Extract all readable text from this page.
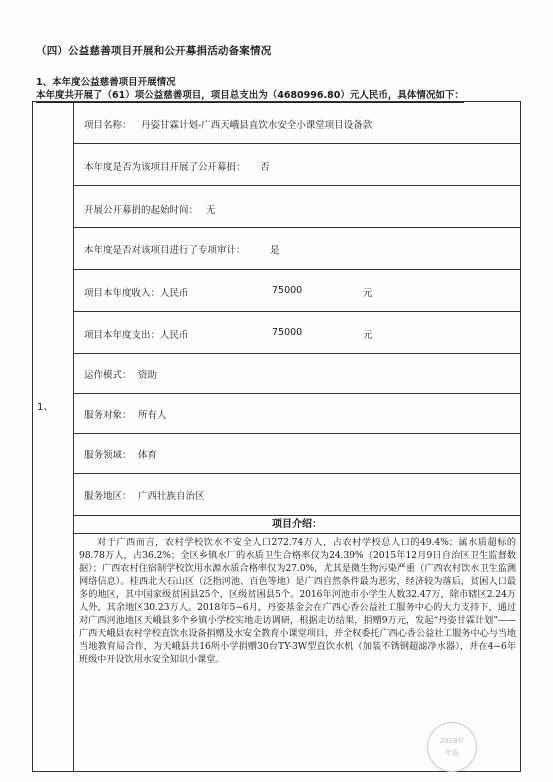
（四）公益慈善项目开展和公开募捐活动备案情况
1、本年度公益慈善项目开展情况
本年度共开展了（61）项公益慈善项目，项目总支出为（4680996.80）元人民币，具体情况如下：
1、
项目名称： 丹姿甘霖计划-广西天峨县直饮水安全小课堂项目设备款
本年度是否为该项目开展了公开募捐： 否
开展公开募捐的起始时间： 无
本年度是否对该项目进行了专项审计：	是
项目本年度收入：人民币	75000	元
项目本年度支出：人民币	75000	元
运作模式： 资助
服务对象： 所有人
服务领域： 体育
服务地区： 广西壮族自治区
项目介绍：
对于广西而言，农村学校饮水不安全人口272.74万人，占农村学校总人口的49.4%；属水质超标的98.78万人，占36.2%；全区乡镇水厂的水质卫生合格率仅为24.39%（2015年12月9日自治区卫生监督数据）；广西农村住宿制学校饮用水源水质合格率仅为27.0%，尤其是微生物污染严重（广西农村饮水卫生监测网络信息）。桂西北大石山区（泛指河池、百色等地）是广西自然条件最为恶劣，经济较为落后，贫困人口最多的地区，其中国家级贫困县25个，区级贫困县5个。2016年河池市小学生人数32.47万，除市辖区2.24万人外，其余地区30.23万人。2018年5~6月，丹姿基金会在广西心香公益社工服务中心的大力支持下，通过对广西河池地区天峨县多个乡镇小学校实地走访调研，根据走访结果，捐赠9万元，发起“丹姿甘霖计划”——广西天峨县农村学校直饮水设备捐赠及水安全教育小课堂项目，并全权委托广西心香公益社工服务中心与当地当地教育局合作，为天峨县共16所小学捐赠30台TY-3W型直饮水机（加装不锈钢超滤净水器），并在4~6年班级中开设饮用水安全知识小课堂。
2018年
年报
